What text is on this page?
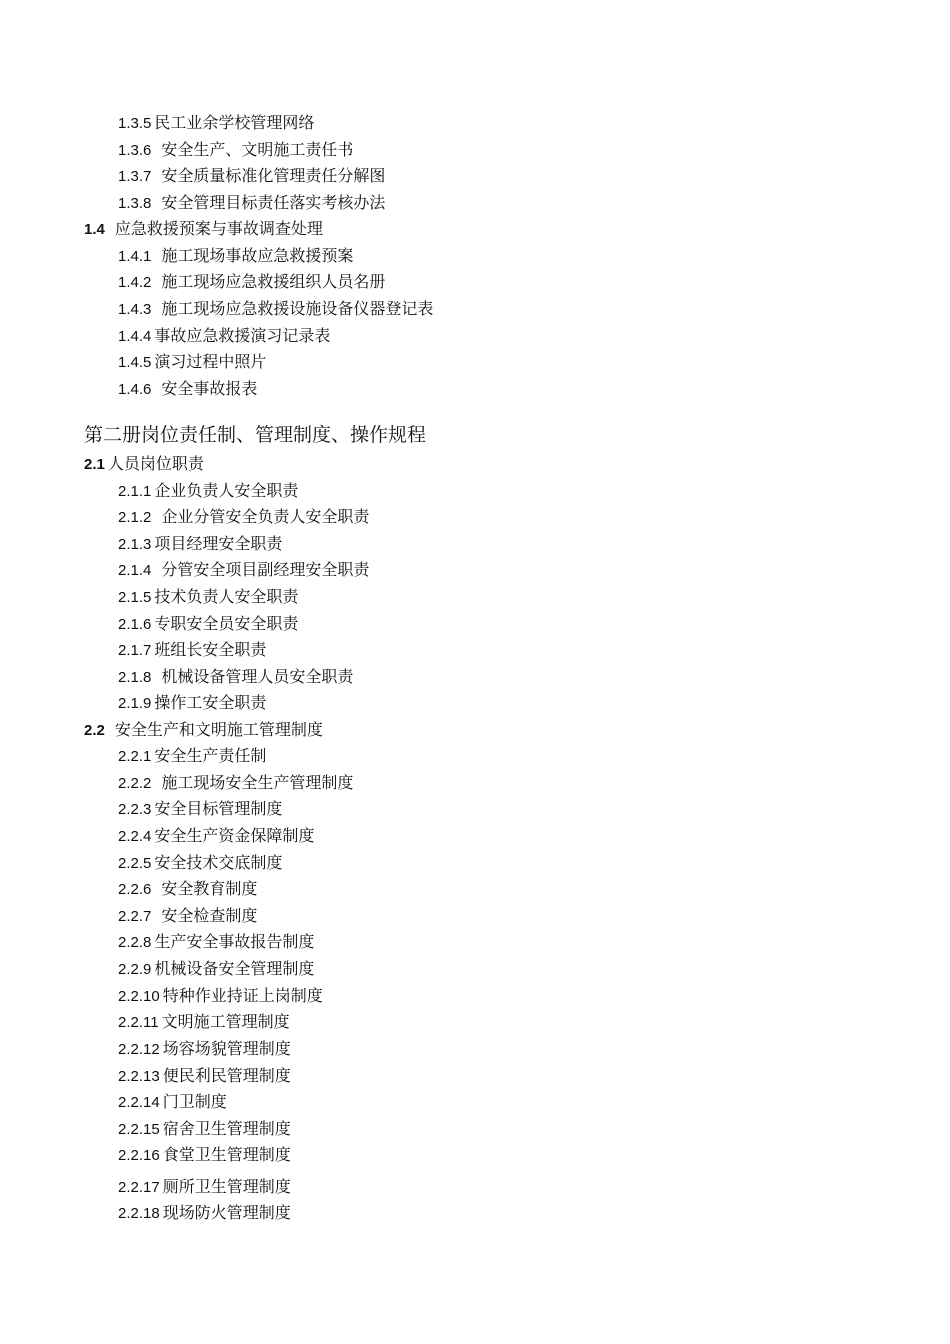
1.3.5 民工业余学校管理网络
1.3.6 安全生产、文明施工责任书
1.3.7 安全质量标准化管理责任分解图
1.3.8 安全管理目标责任落实考核办法
1.4 应急救援预案与事故调查处理
1.4.1 施工现场事故应急救援预案
1.4.2 施工现场应急救援组织人员名册
1.4.3 施工现场应急救援设施设备仪器登记表
1.4.4 事故应急救援演习记录表
1.4.5 演习过程中照片
1.4.6 安全事故报表
第二册岗位责任制、管理制度、操作规程
2.1 人员岗位职责
2.1.1 企业负责人安全职责
2.1.2 企业分管安全负责人安全职责
2.1.3 项目经理安全职责
2.1.4 分管安全项目副经理安全职责
2.1.5 技术负责人安全职责
2.1.6 专职安全员安全职责
2.1.7 班组长安全职责
2.1.8 机械设备管理人员安全职责
2.1.9 操作工安全职责
2.2 安全生产和文明施工管理制度
2.2.1 安全生产责任制
2.2.2 施工现场安全生产管理制度
2.2.3 安全目标管理制度
2.2.4 安全生产资金保障制度
2.2.5 安全技术交底制度
2.2.6 安全教育制度
2.2.7 安全检查制度
2.2.8 生产安全事故报告制度
2.2.9 机械设备安全管理制度
2.2.10 特种作业持证上岗制度
2.2.11 文明施工管理制度
2.2.12 场容场貌管理制度
2.2.13 便民利民管理制度
2.2.14 门卫制度
2.2.15 宿舍卫生管理制度
2.2.16 食堂卫生管理制度
2.2.17 厕所卫生管理制度
2.2.18 现场防火管理制度
